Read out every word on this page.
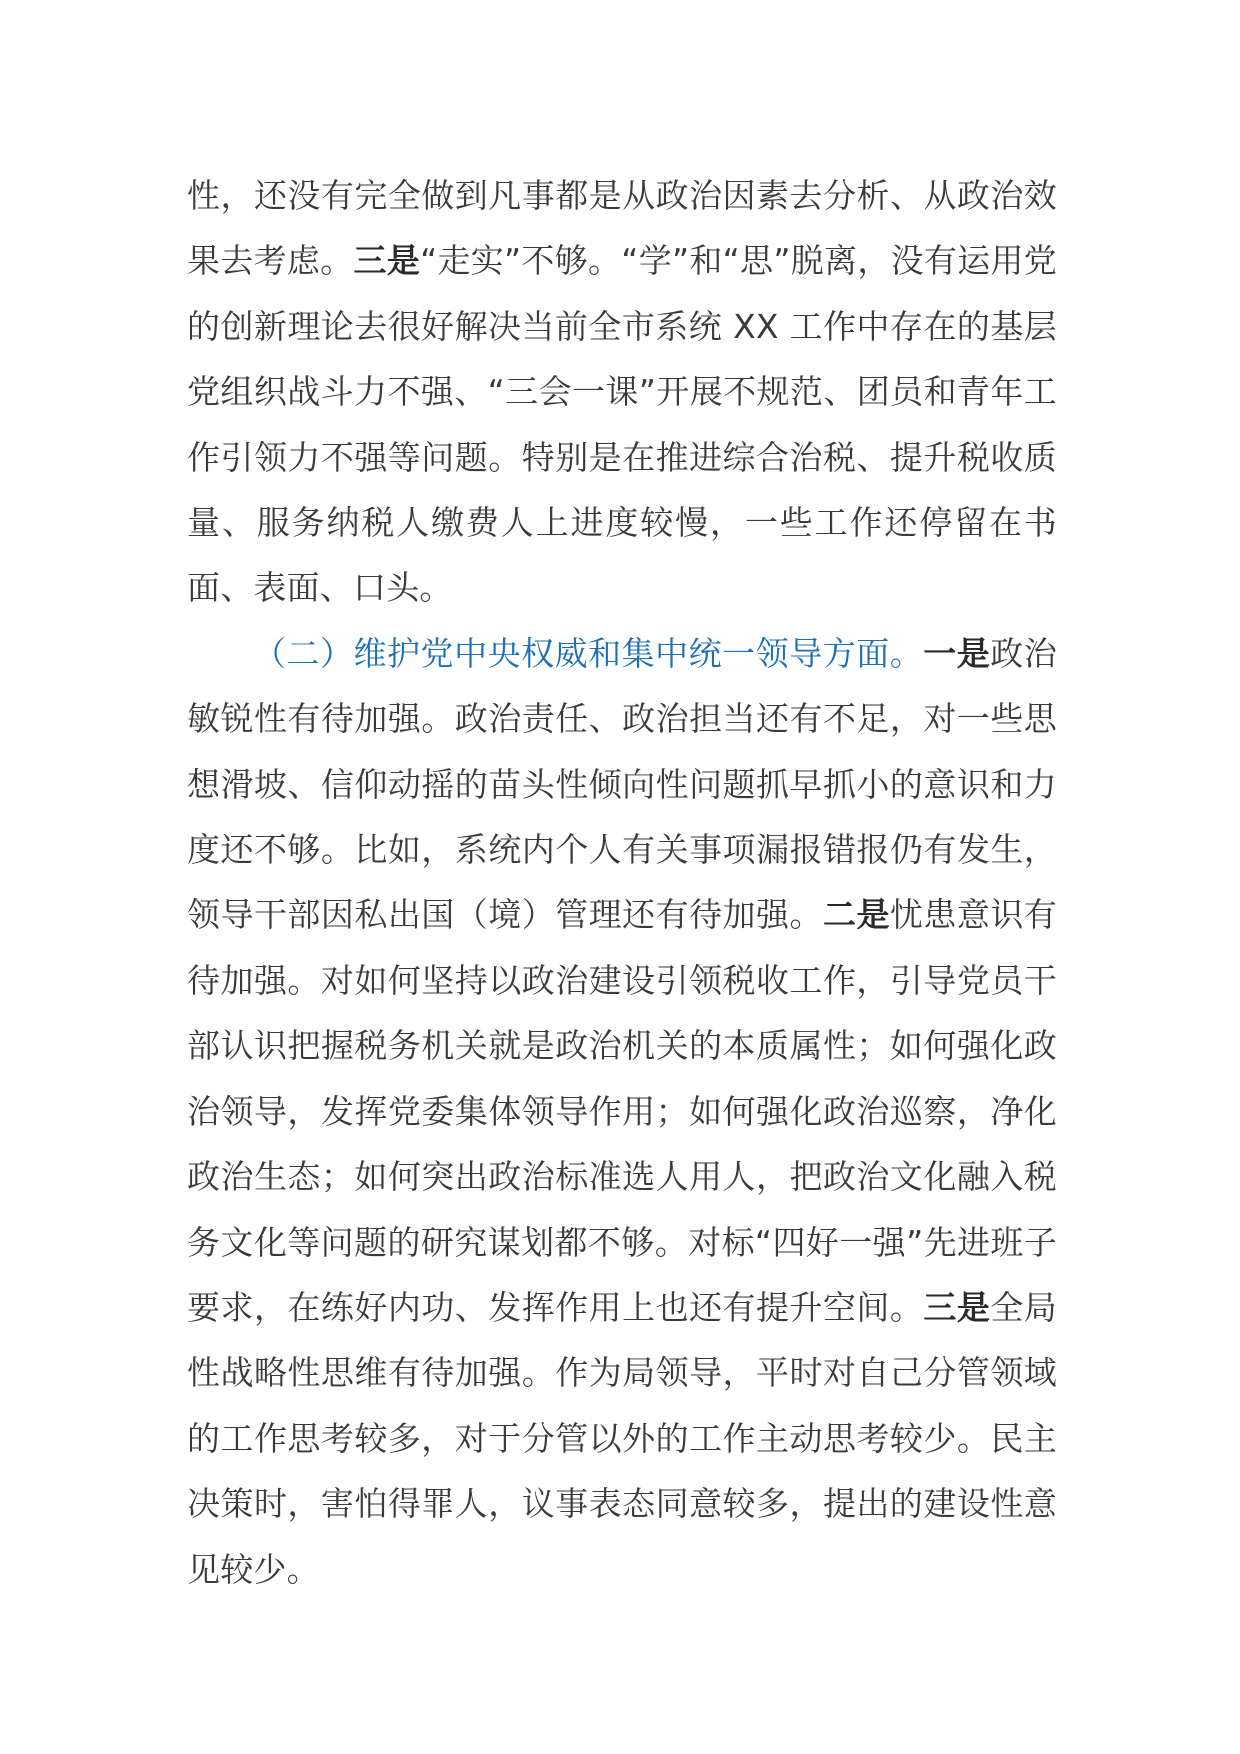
性，还没有完全做到凡事都是从政治因素去分析、从政治效果去考虑。三是“走实”不够。“学”和“思”脱离，没有运用党的创新理论去很好解决当前全市系统 XX 工作中存在的基层党组织战斗力不强、“三会一课”开展不规范、团员和青年工作引领力不强等问题。特别是在推进综合治税、提升税收质量、服务纳税人缴费人上进度较慢，一些工作还停留在书面、表面、口头。

（二）维护党中央权威和集中统一领导方面。一是政治敏锐性有待加强。政治责任、政治担当还有不足，对一些思想滑坡、信仰动摇的苗头性倾向性问题抓早抓小的意识和力度还不够。比如，系统内个人有关事项漏报错报仍有发生，领导干部因私出国（境）管理还有待加强。二是忧患意识有待加强。对如何坚持以政治建设引领税收工作，引导党员干部认识把握税务机关就是政治机关的本质属性；如何强化政治领导，发挥党委集体领导作用；如何强化政治巡察，净化政治生态；如何突出政治标准选人用人，把政治文化融入税务文化等问题的研究谋划都不够。对标“四好一强”先进班子要求，在练好内功、发挥作用上也还有提升空间。三是全局性战略性思维有待加强。作为局领导，平时对自己分管领域的工作思考较多，对于分管以外的工作主动思考较少。民主决策时，害怕得罪人，议事表态同意较多，提出的建设性意见较少。
